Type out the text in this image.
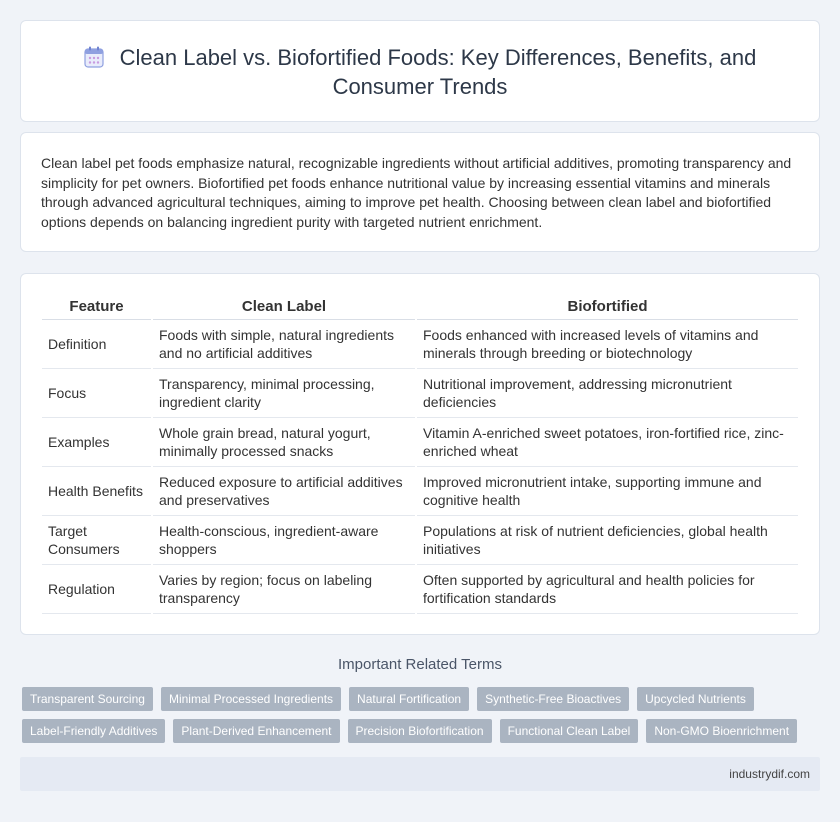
Clean Label vs. Biofortified Foods: Key Differences, Benefits, and Consumer Trends

Clean label pet foods emphasize natural, recognizable ingredients without artificial additives, promoting transparency and simplicity for pet owners. Biofortified pet foods enhance nutritional value by increasing essential vitamins and minerals through advanced agricultural techniques, aiming to improve pet health. Choosing between clean label and biofortified options depends on balancing ingredient purity with targeted nutrient enrichment.

Feature	Clean Label	Biofortified
Definition	Foods with simple, natural ingredients and no artificial additives	Foods enhanced with increased levels of vitamins and minerals through breeding or biotechnology
Focus	Transparency, minimal processing, ingredient clarity	Nutritional improvement, addressing micronutrient deficiencies
Examples	Whole grain bread, natural yogurt, minimally processed snacks	Vitamin A-enriched sweet potatoes, iron-fortified rice, zinc-enriched wheat
Health Benefits	Reduced exposure to artificial additives and preservatives	Improved micronutrient intake, supporting immune and cognitive health
Target Consumers	Health-conscious, ingredient-aware shoppers	Populations at risk of nutrient deficiencies, global health initiatives
Regulation	Varies by region; focus on labeling transparency	Often supported by agricultural and health policies for fortification standards
Important Related Terms
Transparent Sourcing	Minimal Processed Ingredients	Natural Fortification	Synthetic-Free Bioactives	Upcycled Nutrients
Label-Friendly Additives	Plant-Derived Enhancement	Precision Biofortification	Functional Clean Label	Non-GMO Bioenrichment
industrydif.com
